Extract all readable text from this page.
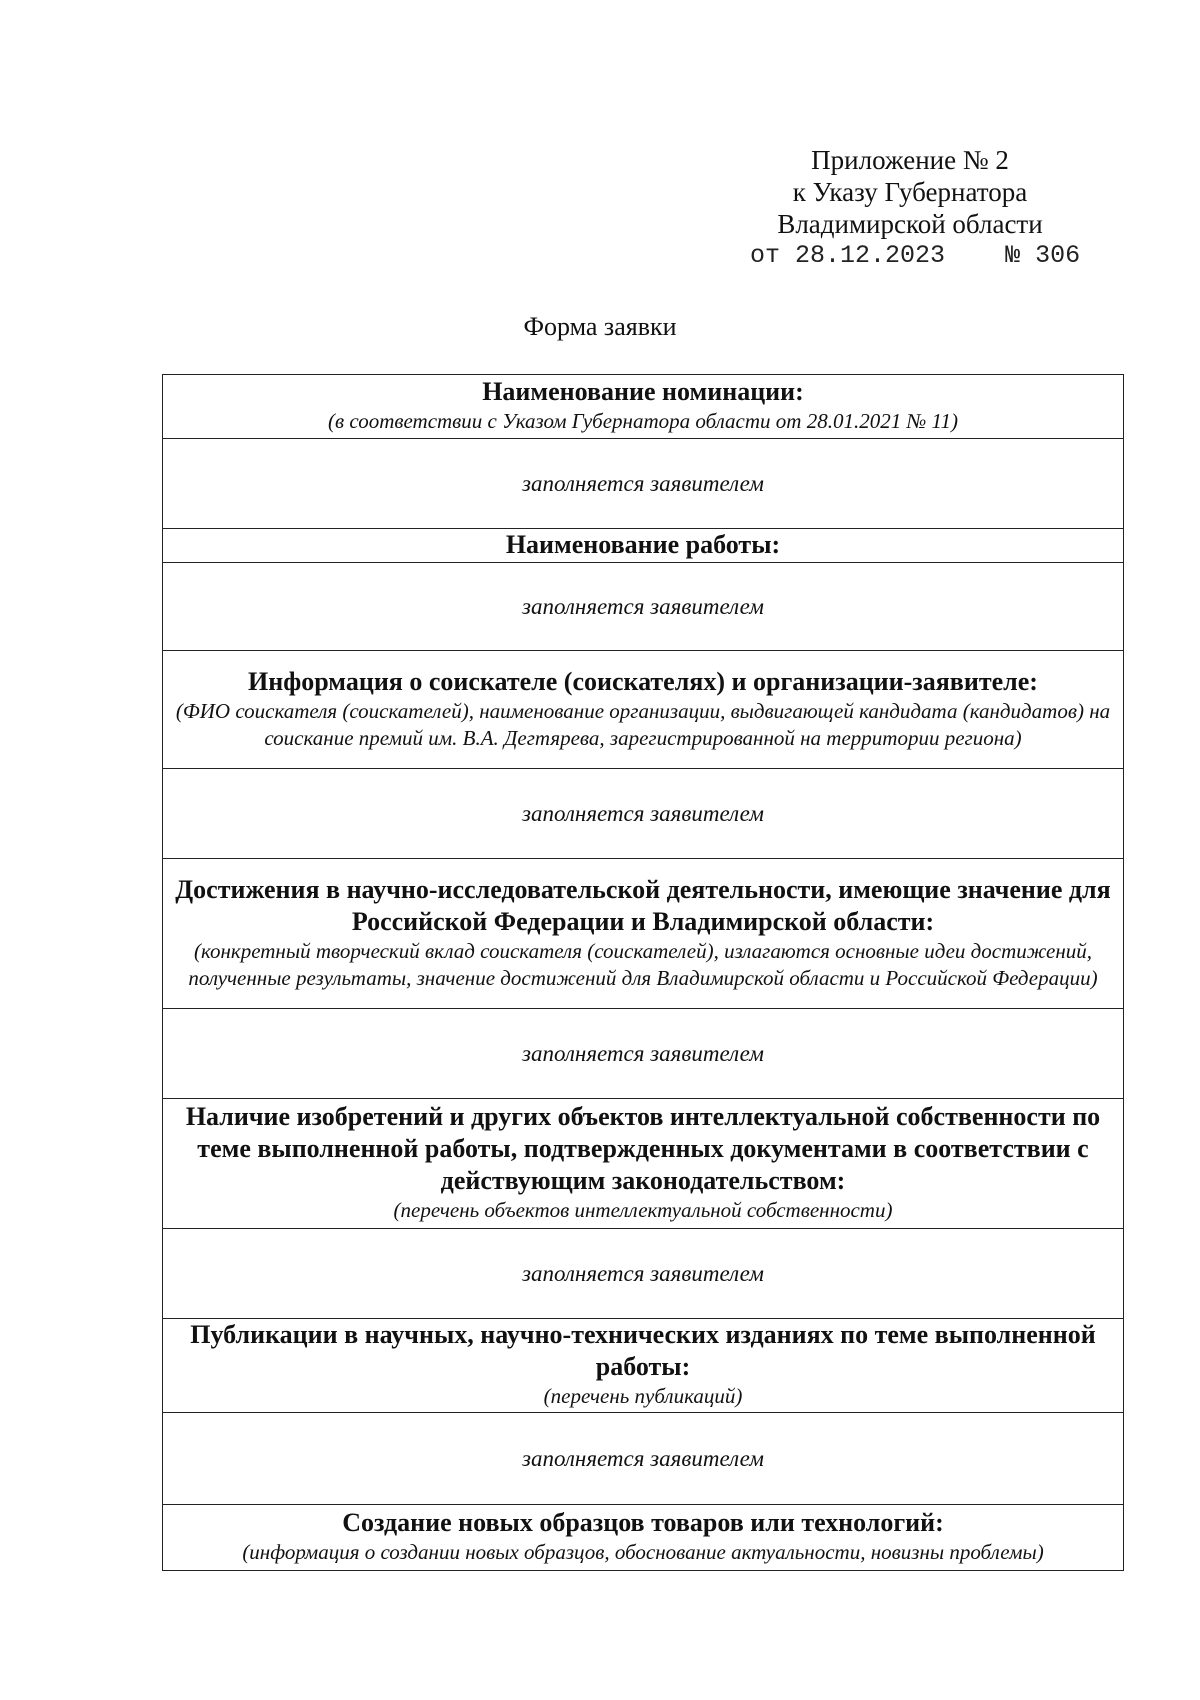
Приложение № 2
к Указу Губернатора
Владимирской области
от 28.12.2023 № 306
Форма заявки
Наименование номинации:
(в соответствии с Указом Губернатора области от 28.01.2021 № 11)
заполняется заявителем
Наименование работы:
заполняется заявителем
Информация о соискателе (соискателях) и организации-заявителе:
(ФИО соискателя (соискателей), наименование организации, выдвигающей кандидата (кандидатов) на соискание премий им. В.А. Дегтярева, зарегистрированной на территории региона)
заполняется заявителем
Достижения в научно-исследовательской деятельности, имеющие значение для Российской Федерации и Владимирской области:
(конкретный творческий вклад соискателя (соискателей), излагаются основные идеи достижений, полученные результаты, значение достижений для Владимирской области и Российской Федерации)
заполняется заявителем
Наличие изобретений и других объектов интеллектуальной собственности по теме выполненной работы, подтвержденных документами в соответствии с действующим законодательством:
(перечень объектов интеллектуальной собственности)
заполняется заявителем
Публикации в научных, научно-технических изданиях по теме выполненной работы:
(перечень публикаций)
заполняется заявителем
Создание новых образцов товаров или технологий:
(информация о создании новых образцов, обоснование актуальности, новизны проблемы)
